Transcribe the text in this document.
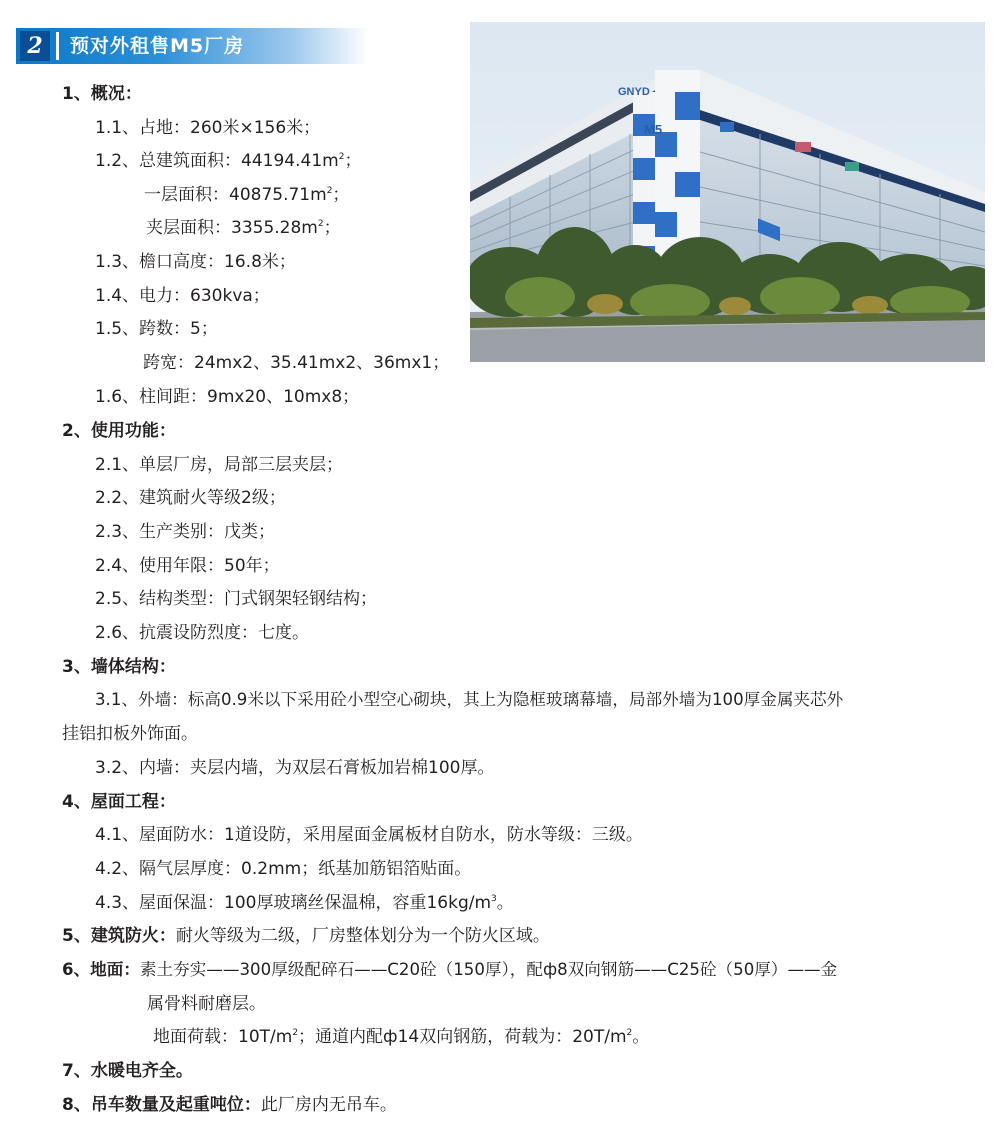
2	预对外租售M5厂房
GNYD
M5
1、概况：
1.1、占地：260米×156米；
1.2、总建筑面积：$44194.41m^2$；
一层面积：$40875.71m^2$；
夹层面积：$3355.28m^2$；
1.3、檐口高度：16.8米；
1.4、电力：630kva；
1.5、跨数：5；
跨宽：24mx2、35.41mx2、36mx1；
1.6、柱间距：9mx20、10mx8；
2、使用功能：
2.1、单层厂房，局部三层夹层；
2.2、建筑耐火等级2级；
2.3、生产类别：戊类；
2.4、使用年限：50年；
2.5、结构类型：门式钢架轻钢结构；
2.6、抗震设防烈度：七度。
3、墙体结构：
3.1、外墙：标高0.9米以下采用砼小型空心砌块，其上为隐框玻璃幕墙，局部外墙为100厚金属夹芯外
挂铝扣板外饰面。
3.2、内墙：夹层内墙，为双层石膏板加岩棉100厚。
4、屋面工程：
4.1、屋面防水：1道设防，采用屋面金属板材自防水，防水等级：三级。
4.2、隔气层厚度：0.2mm；纸基加筋铝箔贴面。
4.3、屋面保温：100厚玻璃丝保温棉，容重$16kg/m^3$。
5、建筑防火：耐火等级为二级，厂房整体划分为一个防火区域。
6、地面：素土夯实——300厚级配碎石——C20砼（150厚），配ф8双向钢筋——C25砼（50厚）——金
属骨料耐磨层。
地面荷载：$10T/m^2$；通道内配ф14双向钢筋，荷载为：$20T/m^2$。
7、水暖电齐全。
8、吊车数量及起重吨位：此厂房内无吊车。
